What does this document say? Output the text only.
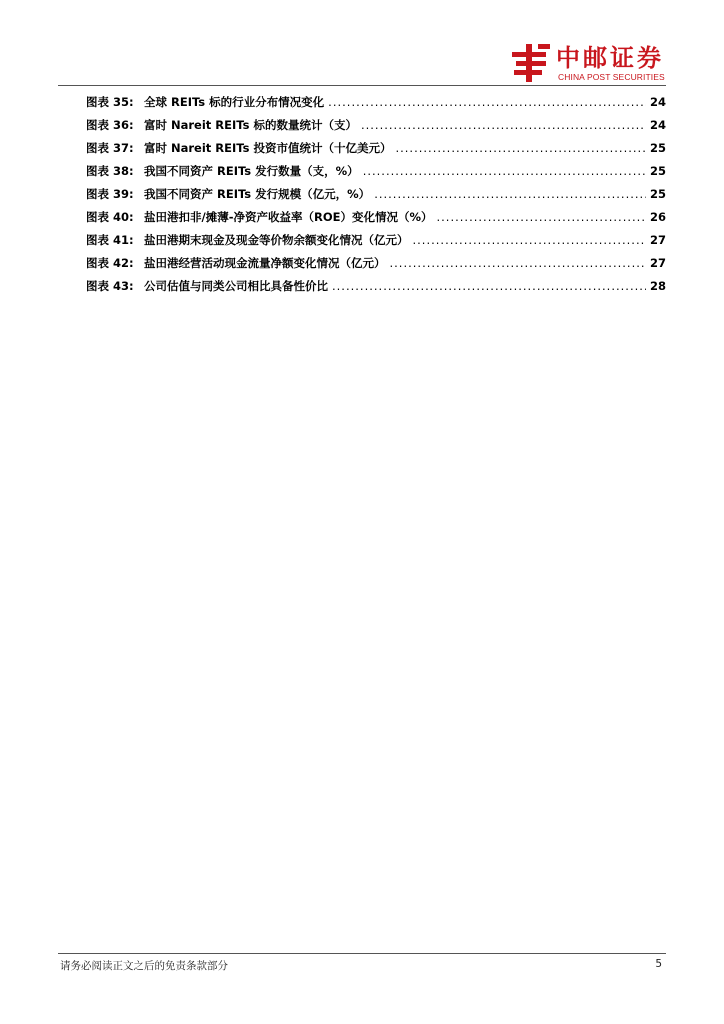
中邮证券
CHINA POST SECURITIES
图表 35: 全球 REITs 标的行业分布情况变化 .....	24
图表 36: 富时 Nareit REITs 标的数量统计（支） .....	24
图表 37: 富时 Nareit REITs 投资市值统计（十亿美元） .....	25
图表 38: 我国不同资产 REITs 发行数量（支，%） .....	25
图表 39: 我国不同资产 REITs 发行规模（亿元，%） .....	25
图表 40: 盐田港扣非/摊薄-净资产收益率（ROE）变化情况（%） .....	26
图表 41: 盐田港期末现金及现金等价物余额变化情况（亿元） .....	27
图表 42: 盐田港经营活动现金流量净额变化情况（亿元） .....	27
图表 43: 公司估值与同类公司相比具备性价比 .....	28
请务必阅读正文之后的免责条款部分	5
